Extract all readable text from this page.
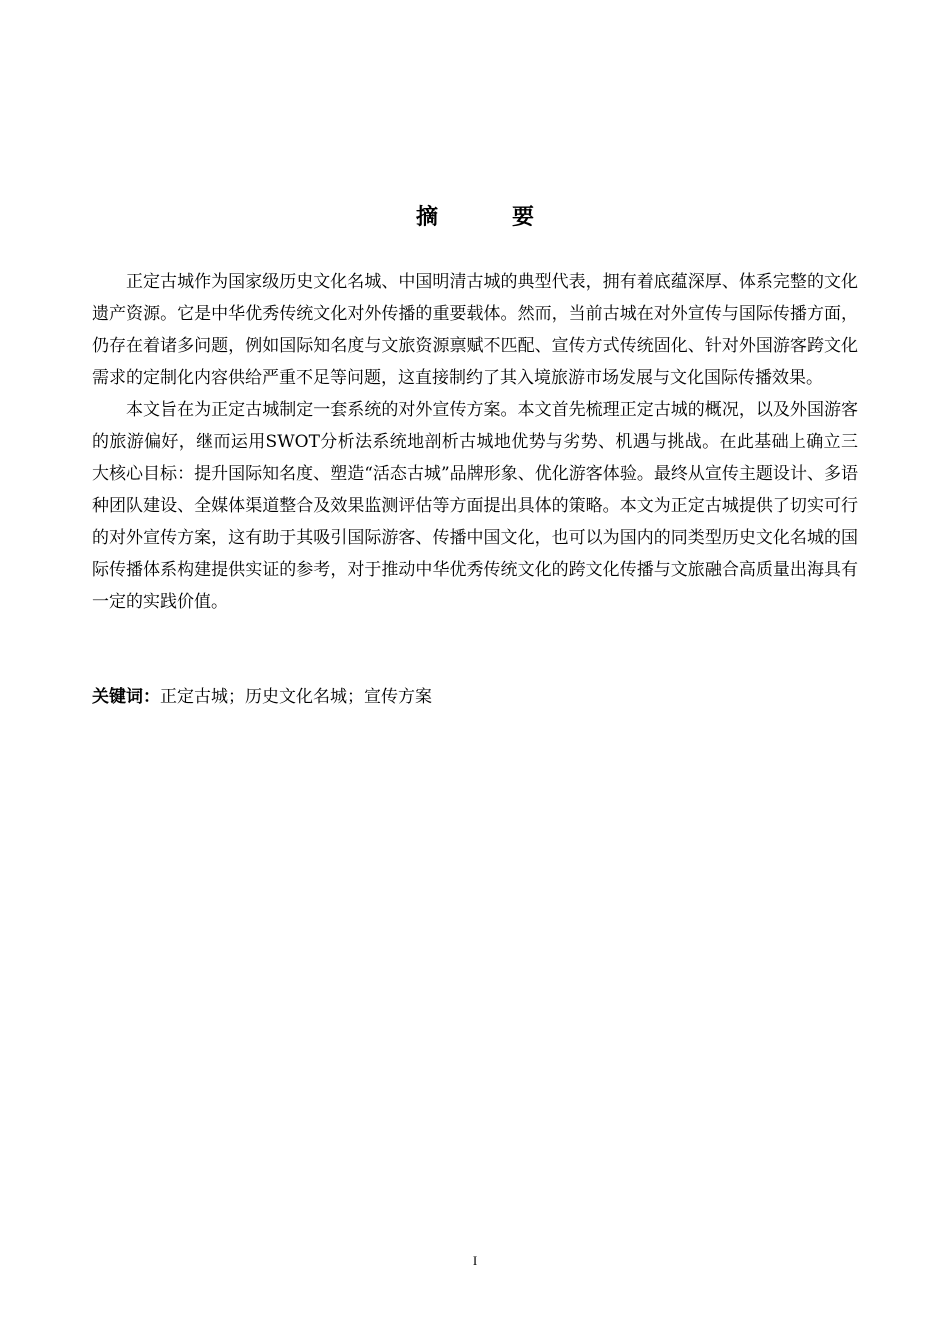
摘　要

正定古城作为国家级历史文化名城、中国明清古城的典型代表，拥有着底蕴深厚、体系完整的文化遗产资源。它是中华优秀传统文化对外传播的重要载体。然而，当前古城在对外宣传与国际传播方面，仍存在着诸多问题，例如国际知名度与文旅资源禀赋不匹配、宣传方式传统固化、针对外国游客跨文化需求的定制化内容供给严重不足等问题，这直接制约了其入境旅游市场发展与文化国际传播效果。

本文旨在为正定古城制定一套系统的对外宣传方案。本文首先梳理正定古城的概况，以及外国游客的旅游偏好，继而运用SWOT分析法系统地剖析古城地优势与劣势、机遇与挑战。在此基础上确立三大核心目标：提升国际知名度、塑造“活态古城”品牌形象、优化游客体验。最终从宣传主题设计、多语种团队建设、全媒体渠道整合及效果监测评估等方面提出具体的策略。本文为正定古城提供了切实可行的对外宣传方案，这有助于其吸引国际游客、传播中国文化，也可以为国内的同类型历史文化名城的国际传播体系构建提供实证的参考，对于推动中华优秀传统文化的跨文化传播与文旅融合高质量出海具有一定的实践价值。

关键词：正定古城；历史文化名城；宣传方案
I
